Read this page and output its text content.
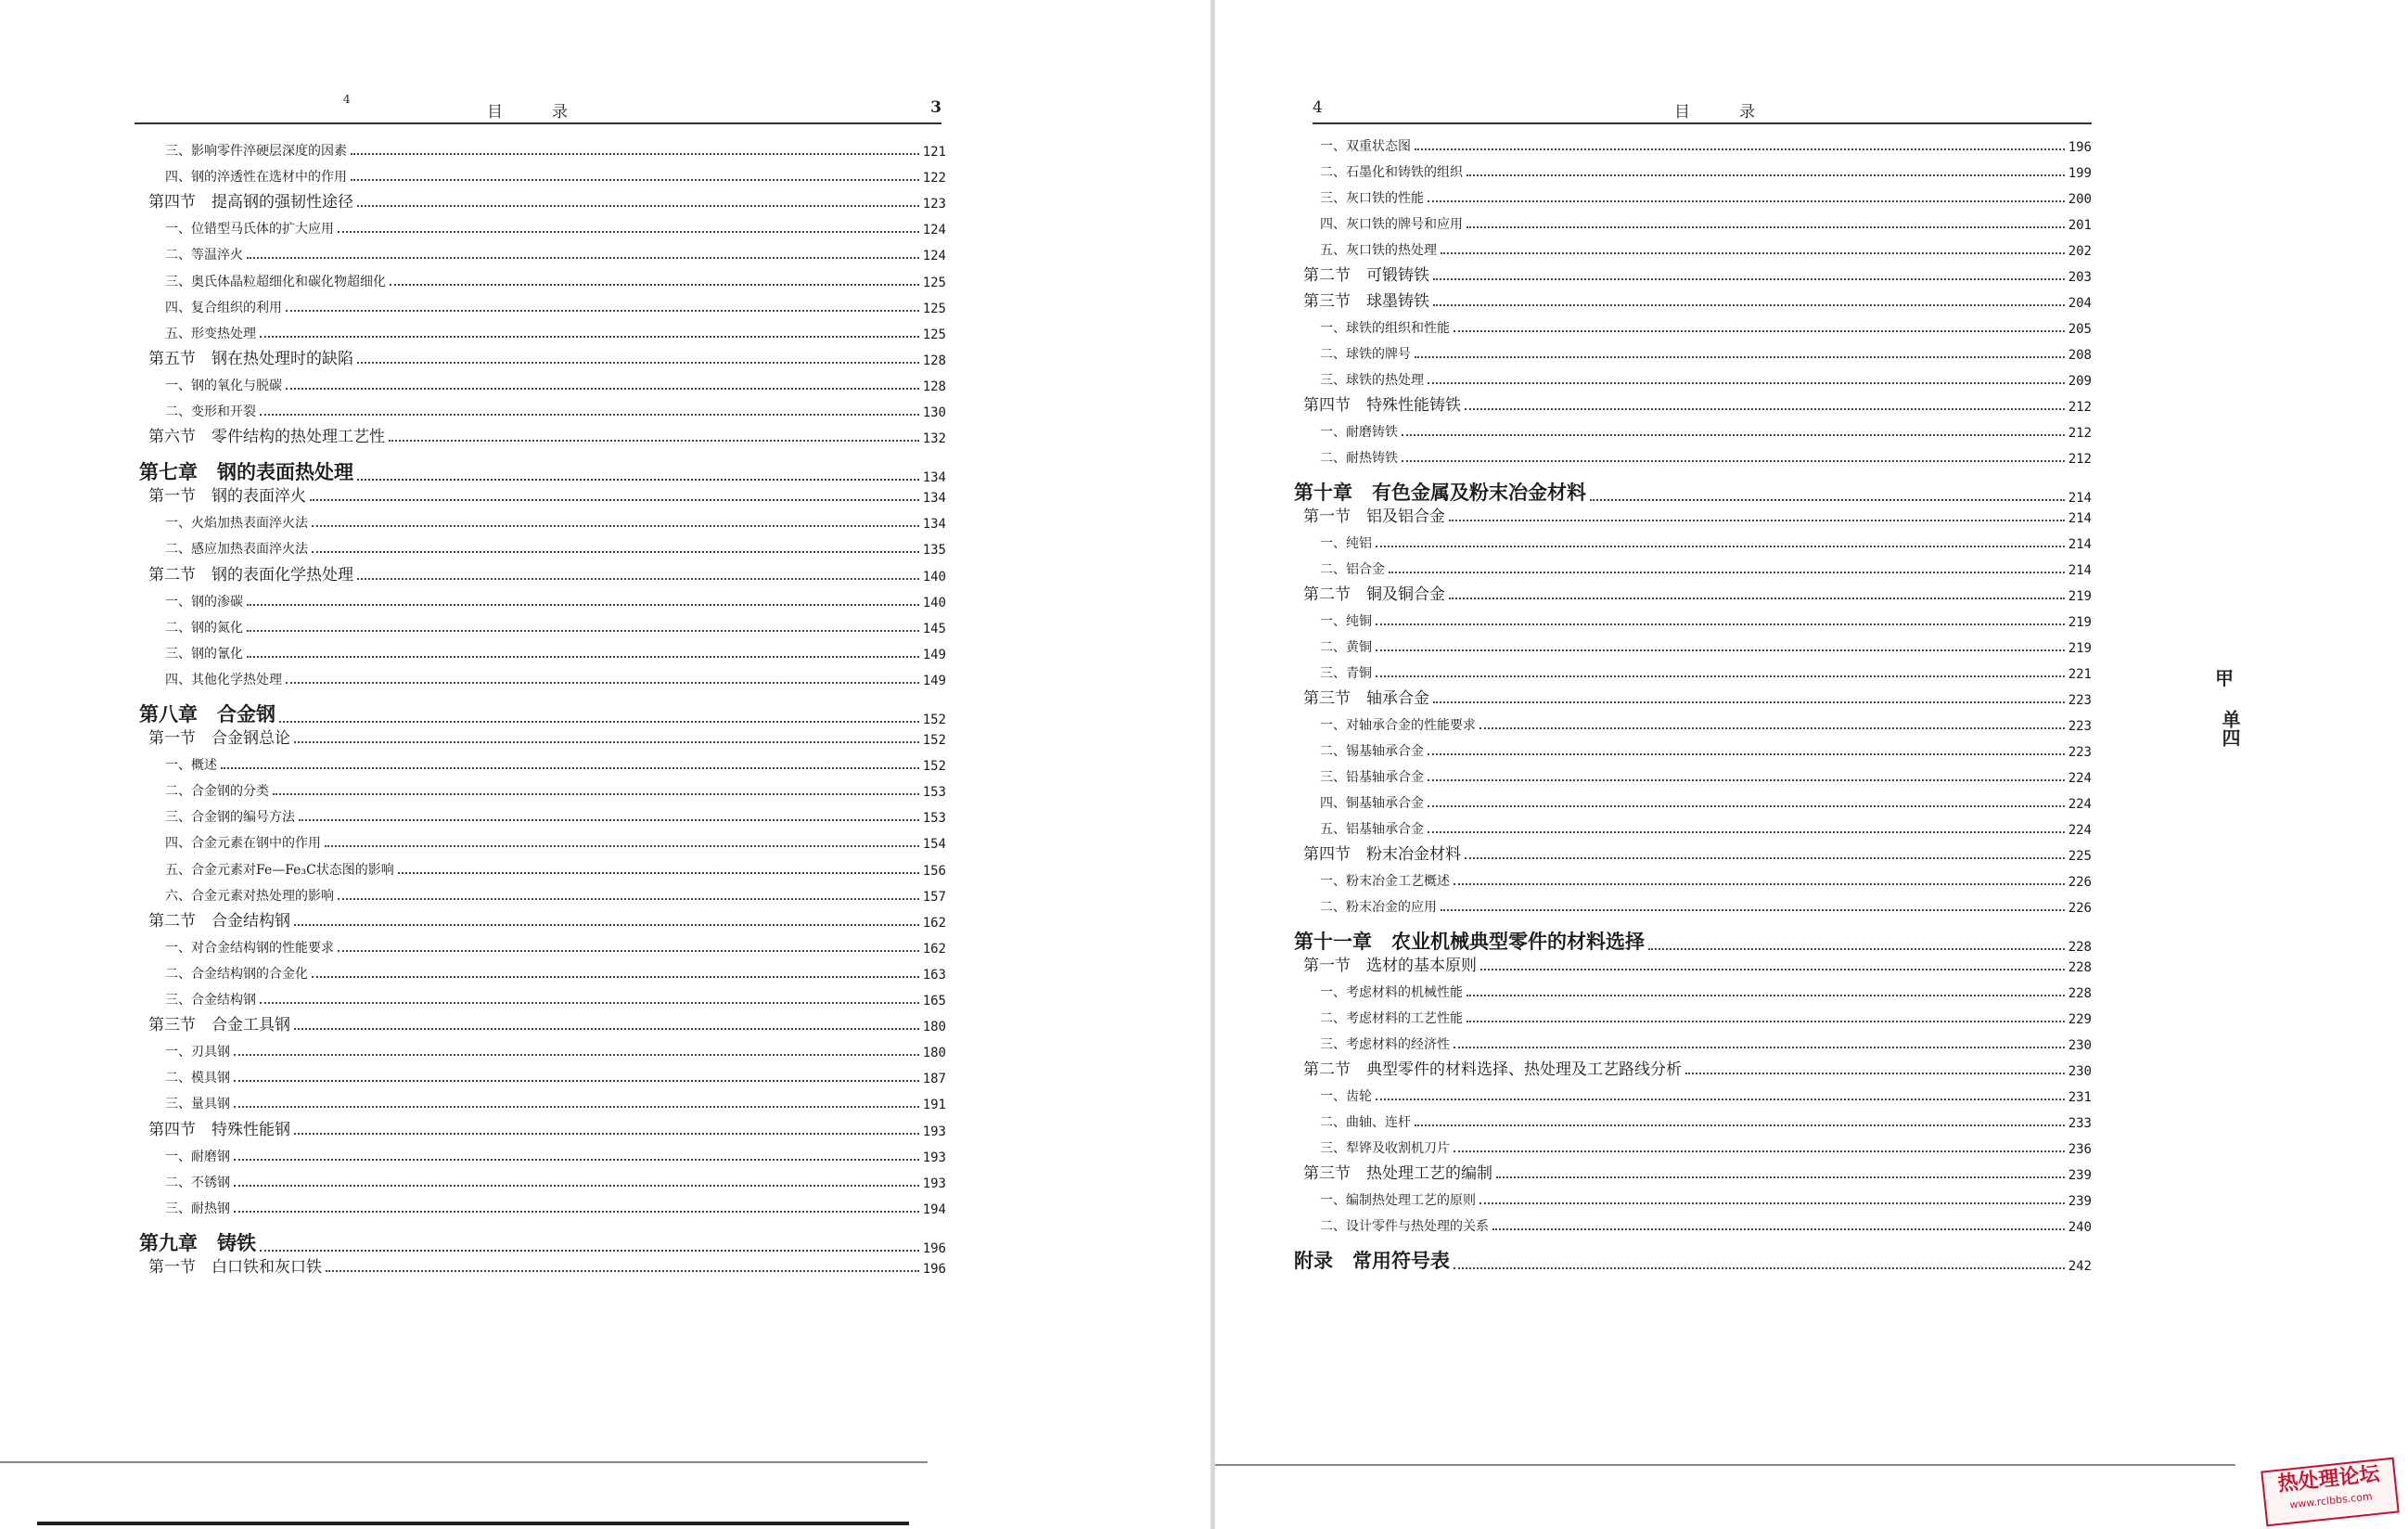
4
目　录	3
三、影响零件淬硬层深度的因素	121
四、钢的淬透性在选材中的作用	122
第四节　提高钢的强韧性途径	123
一、位错型马氏体的扩大应用	124
二、等温淬火	124
三、奥氏体晶粒超细化和碳化物超细化	125
四、复合组织的利用	125
五、形变热处理	125
第五节　钢在热处理时的缺陷	128
一、钢的氧化与脱碳	128
二、变形和开裂	130
第六节　零件结构的热处理工艺性	132
第七章　钢的表面热处理	134
第一节　钢的表面淬火	134
一、火焰加热表面淬火法	134
二、感应加热表面淬火法	135
第二节　钢的表面化学热处理	140
一、钢的渗碳	140
二、钢的氮化	145
三、钢的氰化	149
四、其他化学热处理	149
第八章　合金钢	152
第一节　合金钢总论	152
一、概述	152
二、合金钢的分类	153
三、合金钢的编号方法	153
四、合金元素在钢中的作用	154
五、合金元素对Fe—Fe₃C状态图的影响	156
六、合金元素对热处理的影响	157
第二节　合金结构钢	162
一、对合金结构钢的性能要求	162
二、合金结构钢的合金化	163
三、合金结构钢	165
第三节　合金工具钢	180
一、刃具钢	180
二、模具钢	187
三、量具钢	191
第四节　特殊性能钢	193
一、耐磨钢	193
二、不锈钢	193
三、耐热钢	194
第九章　铸铁	196
第一节　白口铁和灰口铁	196
4	目　录
一、双重状态图	196
二、石墨化和铸铁的组织	199
三、灰口铁的性能	200
四、灰口铁的牌号和应用	201
五、灰口铁的热处理	202
第二节　可锻铸铁	203
第三节　球墨铸铁	204
一、球铁的组织和性能	205
二、球铁的牌号	208
三、球铁的热处理	209
第四节　特殊性能铸铁	212
一、耐磨铸铁	212
二、耐热铸铁	212
第十章　有色金属及粉末冶金材料	214
第一节　铝及铝合金	214
一、纯铝	214
二、铝合金	214
第二节　铜及铜合金	219
一、纯铜	219
二、黄铜	219
三、青铜	221
第三节　轴承合金	223
一、对轴承合金的性能要求	223
二、锡基轴承合金	223
三、铅基轴承合金	224
四、铜基轴承合金	224
五、铝基轴承合金	224
第四节　粉末冶金材料	225
一、粉末冶金工艺概述	226
二、粉末冶金的应用	226
第十一章　农业机械典型零件的材料选择	228
第一节　选材的基本原则	228
一、考虑材料的机械性能	228
二、考虑材料的工艺性能	229
三、考虑材料的经济性	230
第二节　典型零件的材料选择、热处理及工艺路线分析	230
一、齿轮	231
二、曲轴、连杆	233
三、犁铧及收割机刀片	236
第三节　热处理工艺的编制	239
一、编制热处理工艺的原则	239
二、设计零件与热处理的关系	240
附录　常用符号表	242
甲
单四
热处理论坛
www.rclbbs.com
